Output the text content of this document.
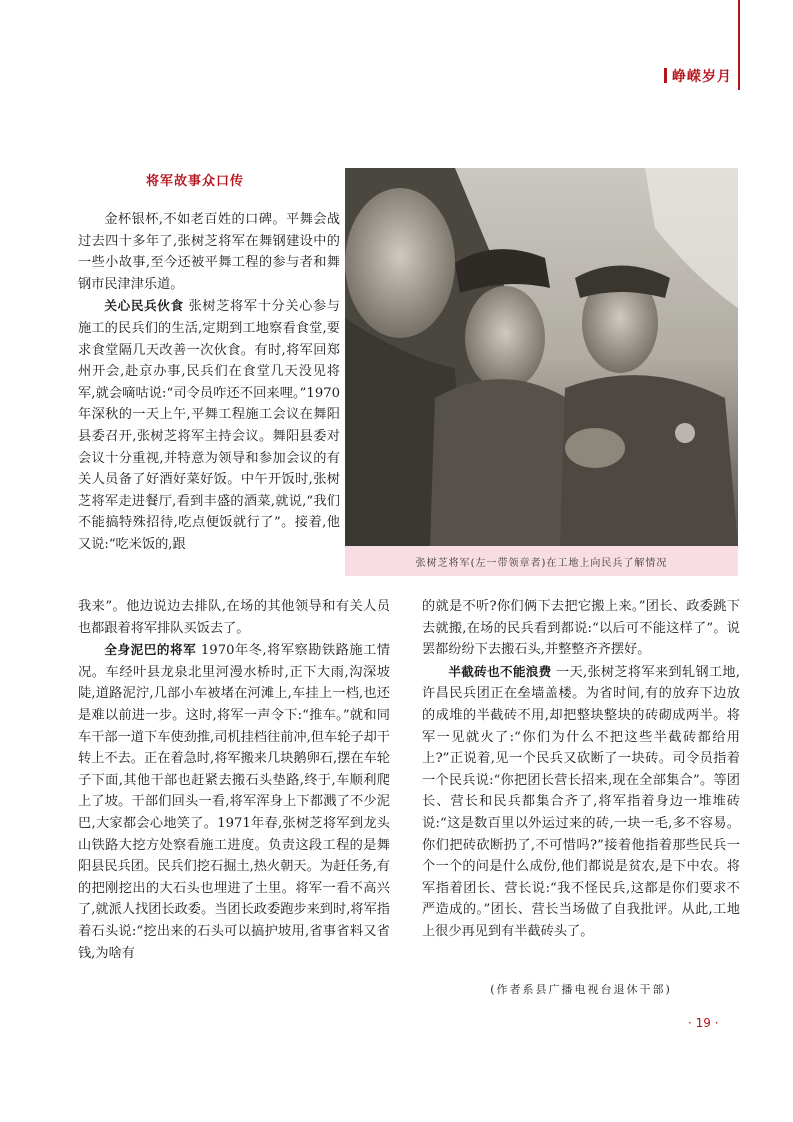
峥嵘岁月
将军故事众口传

金杯银杯,不如老百姓的口碑。平舞会战过去四十多年了,张树芝将军在舞钢建设中的一些小故事,至今还被平舞工程的参与者和舞钢市民津津乐道。

关心民兵伙食 张树芝将军十分关心参与施工的民兵们的生活,定期到工地察看食堂,要求食堂隔几天改善一次伙食。有时,将军回郑州开会,赴京办事,民兵们在食堂几天没见将军,就会嘀咕说:“司令员咋还不回来哩。”1970年深秋的一天上午,平舞工程施工会议在舞阳县委召开,张树芝将军主持会议。舞阳县委对会议十分重视,并特意为领导和参加会议的有关人员备了好酒好菜好饭。中午开饭时,张树芝将军走进餐厅,看到丰盛的酒菜,就说,“我们不能搞特殊招待,吃点便饭就行了”。接着,他又说:“吃米饭的,跟

张树芝将军(左一带领章者)在工地上向民兵了解情况

我来”。他边说边去排队,在场的其他领导和有关人员也都跟着将军排队买饭去了。

全身泥巴的将军 1970年冬,将军察勘铁路施工情况。车经叶县龙泉北里河漫水桥时,正下大雨,沟深坡陡,道路泥泞,几部小车被堵在河滩上,车挂上一档,也还是难以前进一步。这时,将军一声令下:“推车。”就和同车干部一道下车使劲推,司机挂档往前冲,但车轮子却干转上不去。正在着急时,将军搬来几块鹅卵石,摆在车轮子下面,其他干部也赶紧去搬石头垫路,终于,车顺利爬上了坡。干部们回头一看,将军浑身上下都溅了不少泥巴,大家都会心地笑了。1971年春,张树芝将军到龙头山铁路大挖方处察看施工进度。负责这段工程的是舞阳县民兵团。民兵们挖石掘土,热火朝天。为赶任务,有的把刚挖出的大石头也埋进了土里。将军一看不高兴了,就派人找团长政委。当团长政委跑步来到时,将军指着石头说:“挖出来的石头可以搞护坡用,省事省料又省钱,为啥有

的就是不听?你们俩下去把它搬上来。”团长、政委跳下去就搬,在场的民兵看到都说:“以后可不能这样了”。说罢都纷纷下去搬石头,并整整齐齐摆好。

半截砖也不能浪费 一天,张树芝将军来到轧钢工地,许昌民兵团正在垒墙盖楼。为省时间,有的放弃下边放的成堆的半截砖不用,却把整块整块的砖砌成两半。将军一见就火了:“你们为什么不把这些半截砖都给用上?”正说着,见一个民兵又砍断了一块砖。司令员指着一个民兵说:“你把团长营长招来,现在全部集合”。等团长、营长和民兵都集合齐了,将军指着身边一堆堆砖说:“这是数百里以外运过来的砖,一块一毛,多不容易。你们把砖砍断扔了,不可惜吗?”接着他指着那些民兵一个一个的问是什么成份,他们都说是贫农,是下中农。将军指着团长、营长说:“我不怪民兵,这都是你们要求不严造成的。”团长、营长当场做了自我批评。从此,工地上很少再见到有半截砖头了。

(作者系县广播电视台退休干部)
· 19 ·
